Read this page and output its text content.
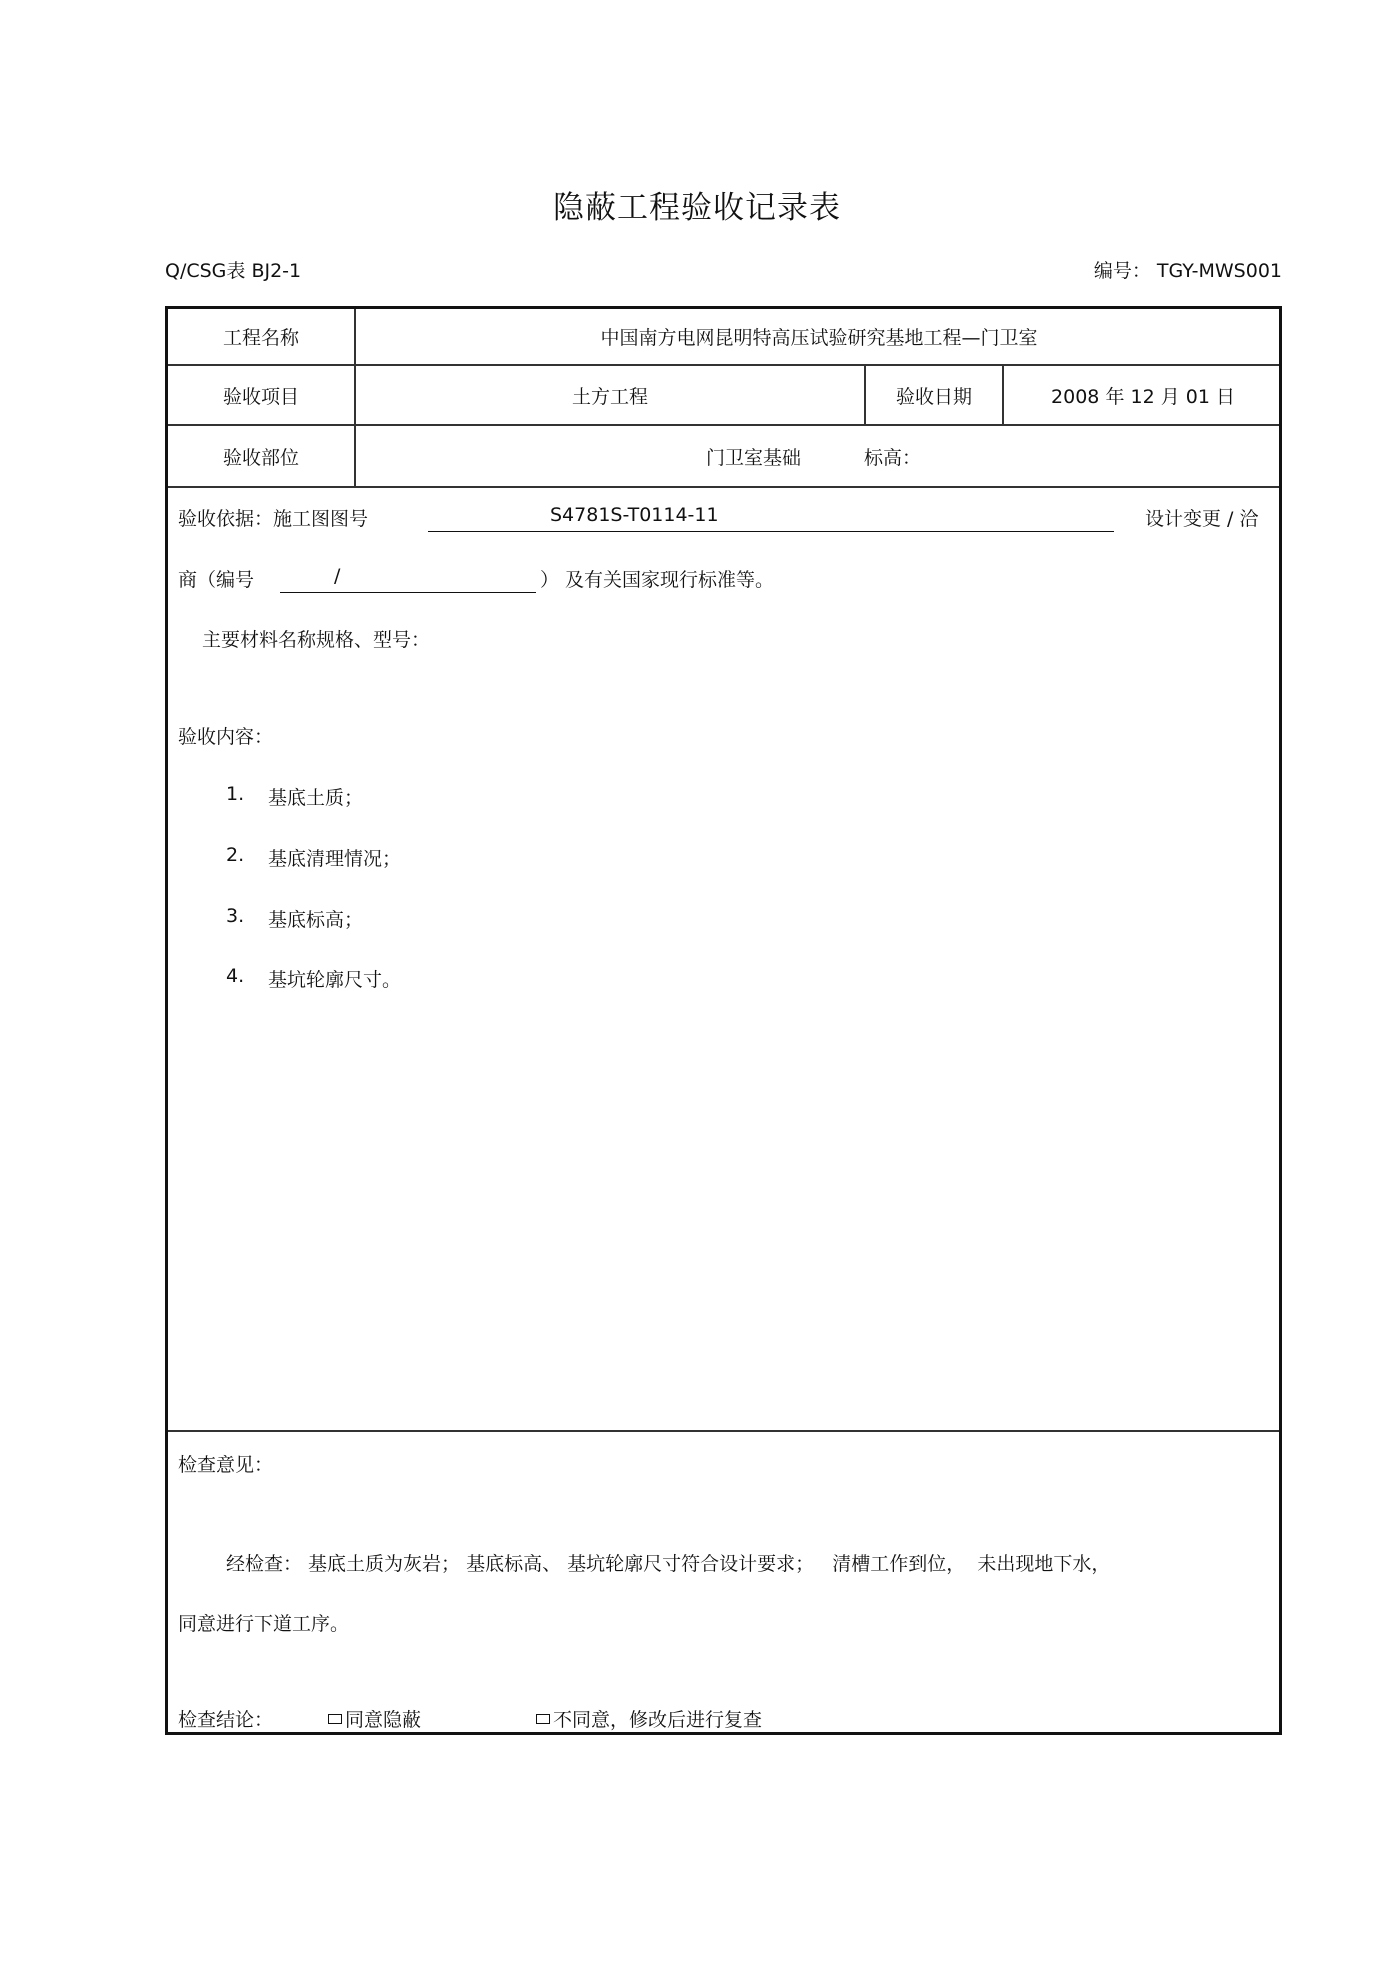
隐蔽工程验收记录表
Q/CSG表 BJ2-1	编号： TGY-MWS001
工程名称	中国南方电网昆明特高压试验研究基地工程—门卫室
验收项目	土方工程	验收日期	2008 年 12 月 01 日
验收部位	门卫室基础	标高：
验收依据：施工图图号	S4781S-T0114-11	设计变更 / 洽
商（编号	/	） 及有关国家现行标准等。
主要材料名称规格、型号：
验收内容：
1. 基底土质；
2. 基底清理情况；
3. 基底标高；
4. 基坑轮廓尺寸。
检查意见：
经检查： 基底土质为灰岩； 基底标高、 基坑轮廓尺寸符合设计要求；   清槽工作到位，  未出现地下水，
同意进行下道工序。
检查结论：	同意隐蔽	不同意，修改后进行复查
